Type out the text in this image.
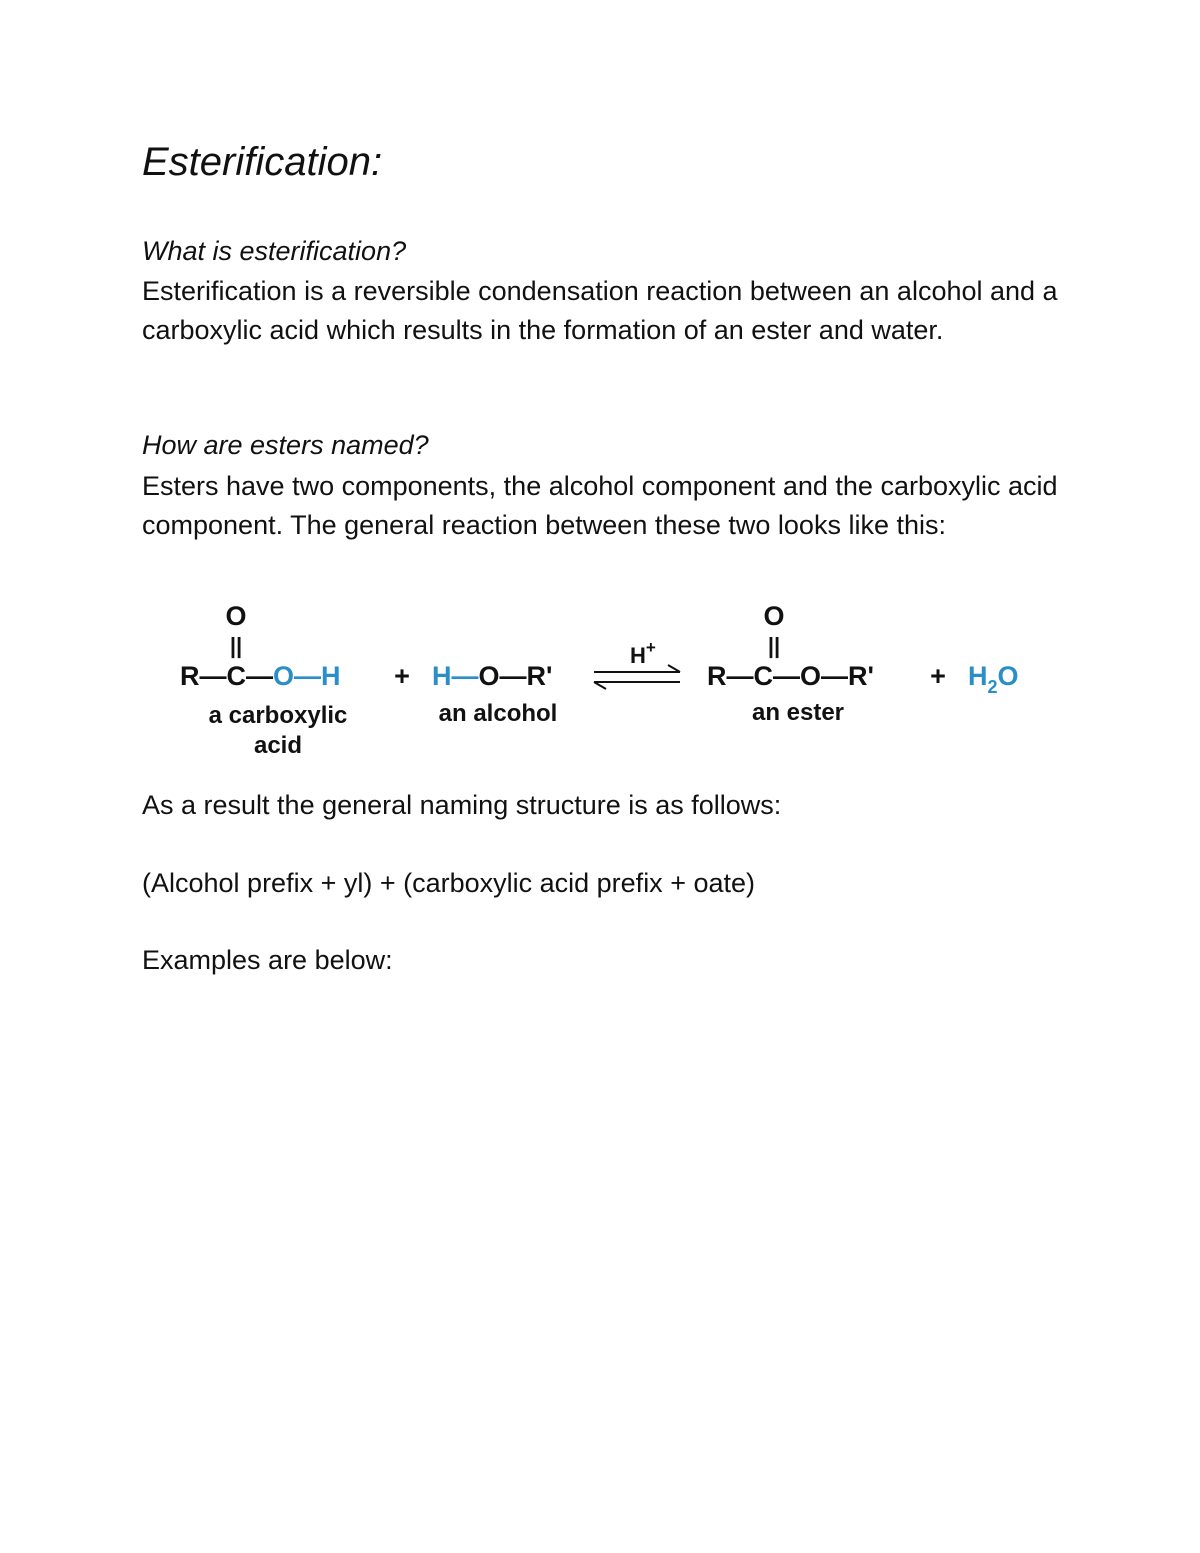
Esterification:

What is esterification?

Esterification is a reversible condensation reaction between an alcohol and a carboxylic acid which results in the formation of an ester and water.

How are esters named?

Esters have two components, the alcohol component and the carboxylic acid component. The general reaction between these two looks like this:

O
||
R—C—O—H
a carboxylic
acid
+ H—O—R'
an alcohol
H+
O
||
R—C—O—R'
an ester
+ $H_2O$

As a result the general naming structure is as follows:

(Alcohol prefix + yl) + (carboxylic acid prefix + oate)

Examples are below:
